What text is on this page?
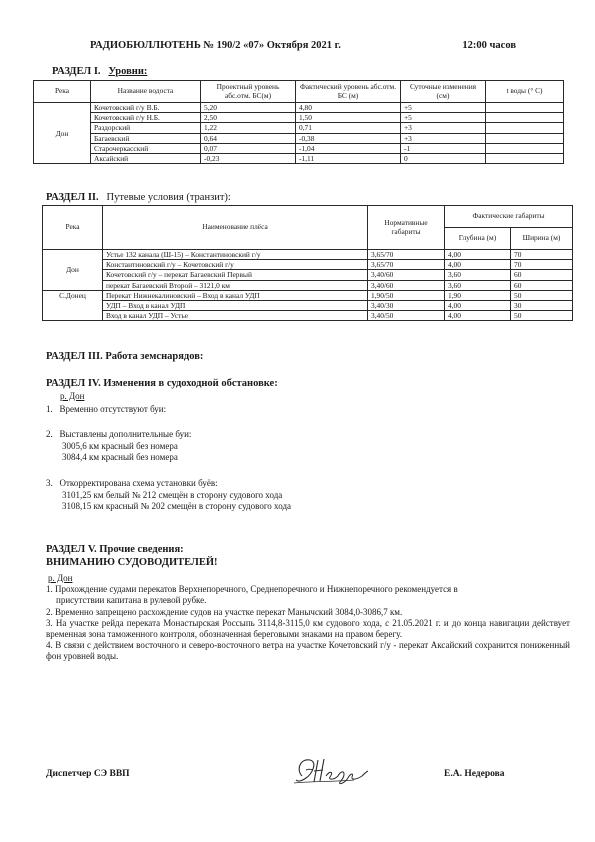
РАДИОБЮЛЛЮТЕНЬ № 190/2 «07» Октября 2021 г.	12:00 часов
РАЗДЕЛ I. Уровни:
Река	Название водоста	Проектный уровень абс.отм. БС(м)	Фактический уровень абс.отм. БС (м)	Суточные изменения (см)	t воды (° С)
Дон	Кочетовский г/у В.Б.	5,20	4,80	+5	
	Кочетовский г/у Н.Б.	2,50	1,50	+5	
	Раздорский	1,22	0,71	+3	
	Багаевский	0,64	-0,38	+3	
	Старочеркасский	0,07	-1,04	-1	
	Аксайский	-0,23	-1,11	0	
РАЗДЕЛ II. Путевые условия (транзит):
Река	Наименование плёса	Нормативные габариты	Фактические габариты	
			Глубина (м)	Ширина (м)
Дон	Устье 132 канала (Ш-15) – Константиновский г/у	3,65/70	4,00	70
	Константиновский г/у – Кочетовский г/у	3,65/70	4,00	70
	Кочетовский г/у – перекат Багаевский Первый	3,40/60	3,60	60
	перекат Багаевский Второй – 3121,0 км	3,40/60	3,60	60
С.Донец	Перекат Нижнекалиновский – Вход в канал УДП	1,90/50	1,90	50
	УДП – Вход в канал УДП	3,40/30	4,00	30
	Вход в канал УДП – Устье	3,40/50	4,00	50
РАЗДЕЛ III. Работа земснарядов:
РАЗДЕЛ IV. Изменения в судоходной обстановке:
р. Дон
1. Временно отсутствуют буи:
2. Выставлены дополнительные буи:
3005,6 км красный без номера
3084,4 км красный без номера
3. Откорректирована схема установки буёв:
3101,25 км белый № 212 смещён в сторону судового хода
3108,15 км красный № 202 смещён в сторону судового хода
РАЗДЕЛ V. Прочие сведения:
ВНИМАНИЮ СУДОВОДИТЕЛЕЙ!
р. Дон

1. Прохождение судами перекатов Верхнепоречного, Среднепоречного и Нижнепоречного рекомендуется в

присутствии капитана в рулевой рубке.

2. Временно запрещено расхождение судов на участке перекат Манычский 3084,0-3086,7 км.

3. На участке рейда переката Монастырская Россыпь 3114,8-3115,0 км судового хода, с 21.05.2021 г. и до конца навигации действует временная зона таможенного контроля, обозначенная береговыми знаками на правом берегу.

4. В связи с действием восточного и северо-восточного ветра на участке Кочетовский г/у - перекат Аксайский сохранится пониженный фон уровней воды.

Диспетчер СЭ ВВП	Е.А. Недерова
